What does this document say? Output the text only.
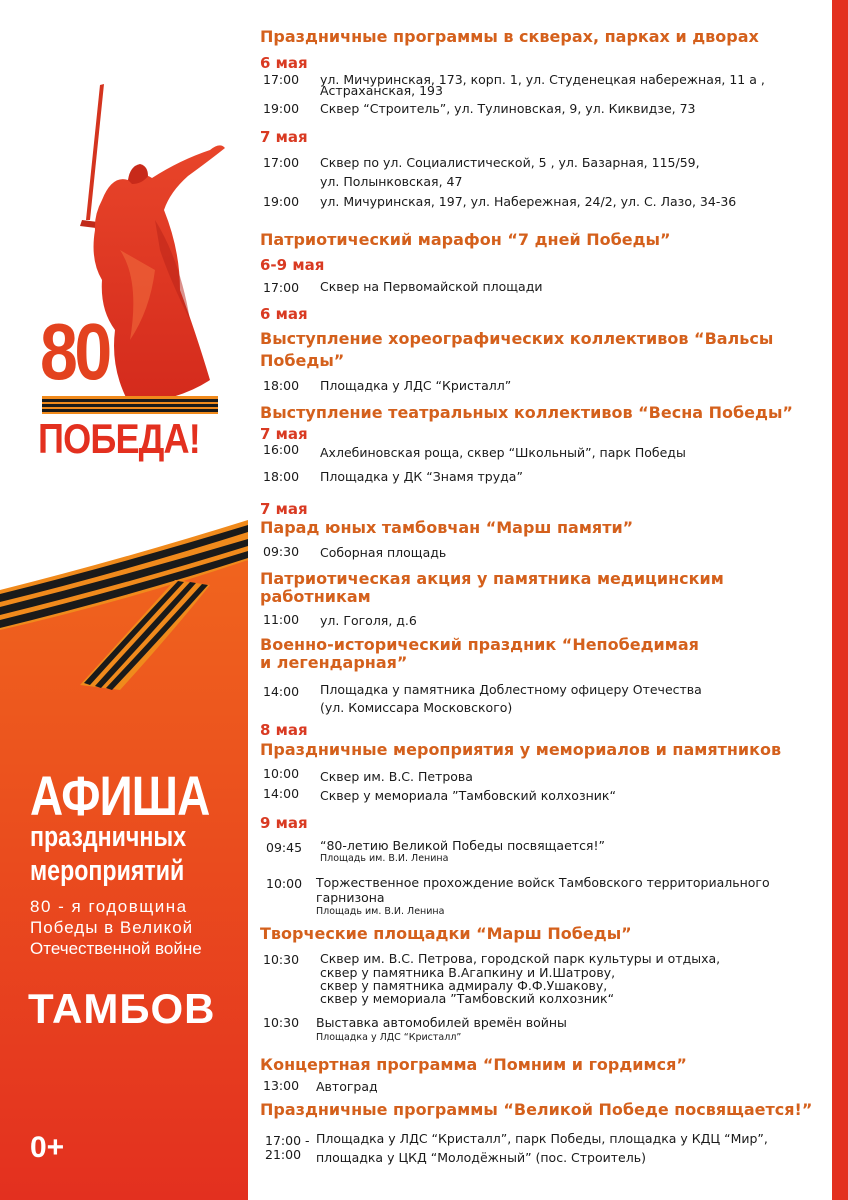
80
ПОБЕДА!
АФИША
праздничных
мероприятий
80 - я годовщина
Победы в Великой
Отечественной войне
ТАМБОВ
0+
Праздничные программы в скверах, парках и дворах
6 мая
17:00 ул. Мичуринская, 173, корп. 1, ул. Студенецкая набережная, 11 а ,
Астраханская, 193
19:00 Сквер “Строитель”, ул. Тулиновская, 9, ул. Киквидзе, 73
7 мая
17:00 Сквер по ул. Социалистической, 5 , ул. Базарная, 115/59,
ул. Полынковская, 47
19:00 ул. Мичуринская, 197, ул. Набережная, 24/2, ул. С. Лазо, 34-36
Патриотический марафон “7 дней Победы”
6-9 мая
17:00 Сквер на Первомайской площади
6 мая
Выступление хореографических коллективов “Вальсы
Победы”
18:00 Площадка у ЛДС “Кристалл”
Выступление театральных коллективов “Весна Победы”
7 мая
16:00 Ахлебиновская роща, сквер “Школьный”, парк Победы
18:00 Площадка у ДК “Знамя труда”
7 мая
Парад юных тамбовчан “Марш памяти”
09:30 Соборная площадь
Патриотическая акция у памятника медицинским
работникам
11:00 ул. Гоголя, д.6
Военно-исторический праздник “Непобедимая
и легендарная”
14:00 Площадка у памятника Доблестному офицеру Отечества
(ул. Комиссара Московского)
8 мая
Праздничные мероприятия у мемориалов и памятников
10:00 Сквер им. В.С. Петрова
14:00 Сквер у мемориала ”Тамбовский колхозник“
9 мая
09:45 “80-летию Великой Победы посвящается!”
Площадь им. В.И. Ленина
10:00 Торжественное прохождение войск Тамбовского территориального
гарнизона
Площадь им. В.И. Ленина
Творческие площадки “Марш Победы”
10:30 Сквер им. В.С. Петрова, городской парк культуры и отдыха,
сквер у памятника В.Агапкину и И.Шатрову,
сквер у памятника адмиралу Ф.Ф.Ушакову,
сквер у мемориала ”Тамбовский колхозник“
10:30 Выставка автомобилей времён войны
Площадка у ЛДС “Кристалл”
Концертная программа “Помним и гордимся”
13:00 Автоград
Праздничные программы “Великой Победе посвящается!”
17:00 -
21:00
Площадка у ЛДС “Кристалл”, парк Победы, площадка у КДЦ “Мир”,
площадка у ЦКД “Молодёжный” (пос. Строитель)
